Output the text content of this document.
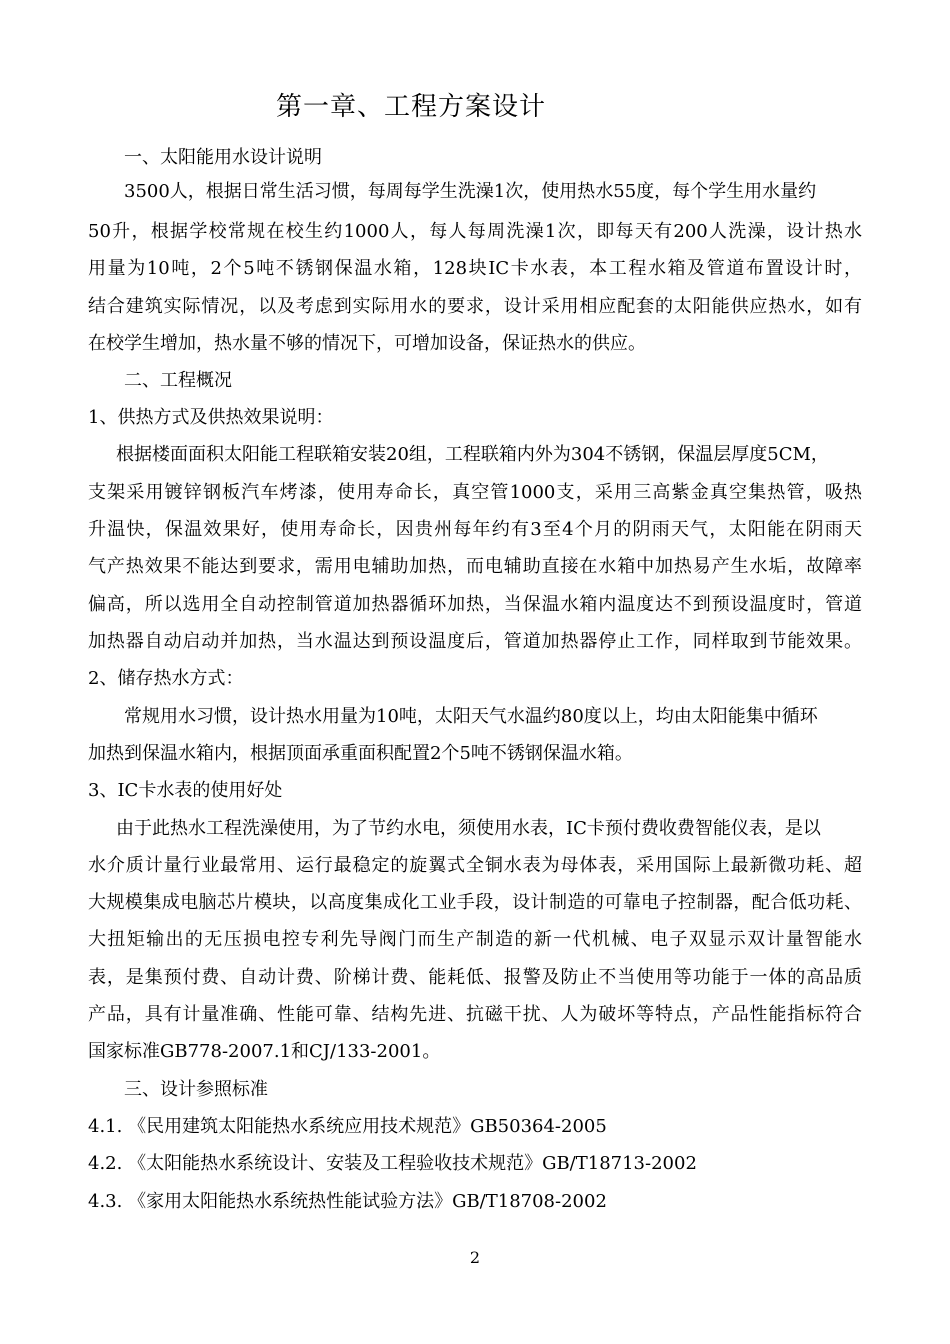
第一章、工程方案设计
一、太阳能用水设计说明
3500人，根据日常生活习惯，每周每学生洗澡1次，使用热水55度，每个学生用水量约
50升，根据学校常规在校生约1000人，每人每周洗澡1次，即每天有200人洗澡，设计热水
用量为10吨，2个5吨不锈钢保温水箱，128块IC卡水表，本工程水箱及管道布置设计时，
结合建筑实际情况，以及考虑到实际用水的要求，设计采用相应配套的太阳能供应热水，如有
在校学生增加，热水量不够的情况下，可增加设备，保证热水的供应。
二、工程概况
1、供热方式及供热效果说明：
根据楼面面积太阳能工程联箱安装20组，工程联箱内外为304不锈钢，保温层厚度5CM，
支架采用镀锌钢板汽车烤漆，使用寿命长，真空管1000支，采用三高紫金真空集热管，吸热
升温快，保温效果好，使用寿命长，因贵州每年约有3至4个月的阴雨天气，太阳能在阴雨天
气产热效果不能达到要求，需用电辅助加热，而电辅助直接在水箱中加热易产生水垢，故障率
偏高，所以选用全自动控制管道加热器循环加热，当保温水箱内温度达不到预设温度时，管道
加热器自动启动并加热，当水温达到预设温度后，管道加热器停止工作，同样取到节能效果。
2、储存热水方式：
常规用水习惯，设计热水用量为10吨，太阳天气水温约80度以上，均由太阳能集中循环
加热到保温水箱内，根据顶面承重面积配置2个5吨不锈钢保温水箱。
3、IC卡水表的使用好处
由于此热水工程洗澡使用，为了节约水电，须使用水表，IC卡预付费收费智能仪表，是以
水介质计量行业最常用、运行最稳定的旋翼式全铜水表为母体表，采用国际上最新微功耗、超
大规模集成电脑芯片模块，以高度集成化工业手段，设计制造的可靠电子控制器，配合低功耗、
大扭矩输出的无压损电控专利先导阀门而生产制造的新一代机械、电子双显示双计量智能水
表，是集预付费、自动计费、阶梯计费、能耗低、报警及防止不当使用等功能于一体的高品质
产品，具有计量准确、性能可靠、结构先进、抗磁干扰、人为破坏等特点，产品性能指标符合
国家标准GB778-2007.1和CJ/133-2001。
三、设计参照标准
4.1. 《民用建筑太阳能热水系统应用技术规范》GB50364-2005
4.2. 《太阳能热水系统设计、安装及工程验收技术规范》GB/T18713-2002
4.3. 《家用太阳能热水系统热性能试验方法》GB/T18708-2002
2
